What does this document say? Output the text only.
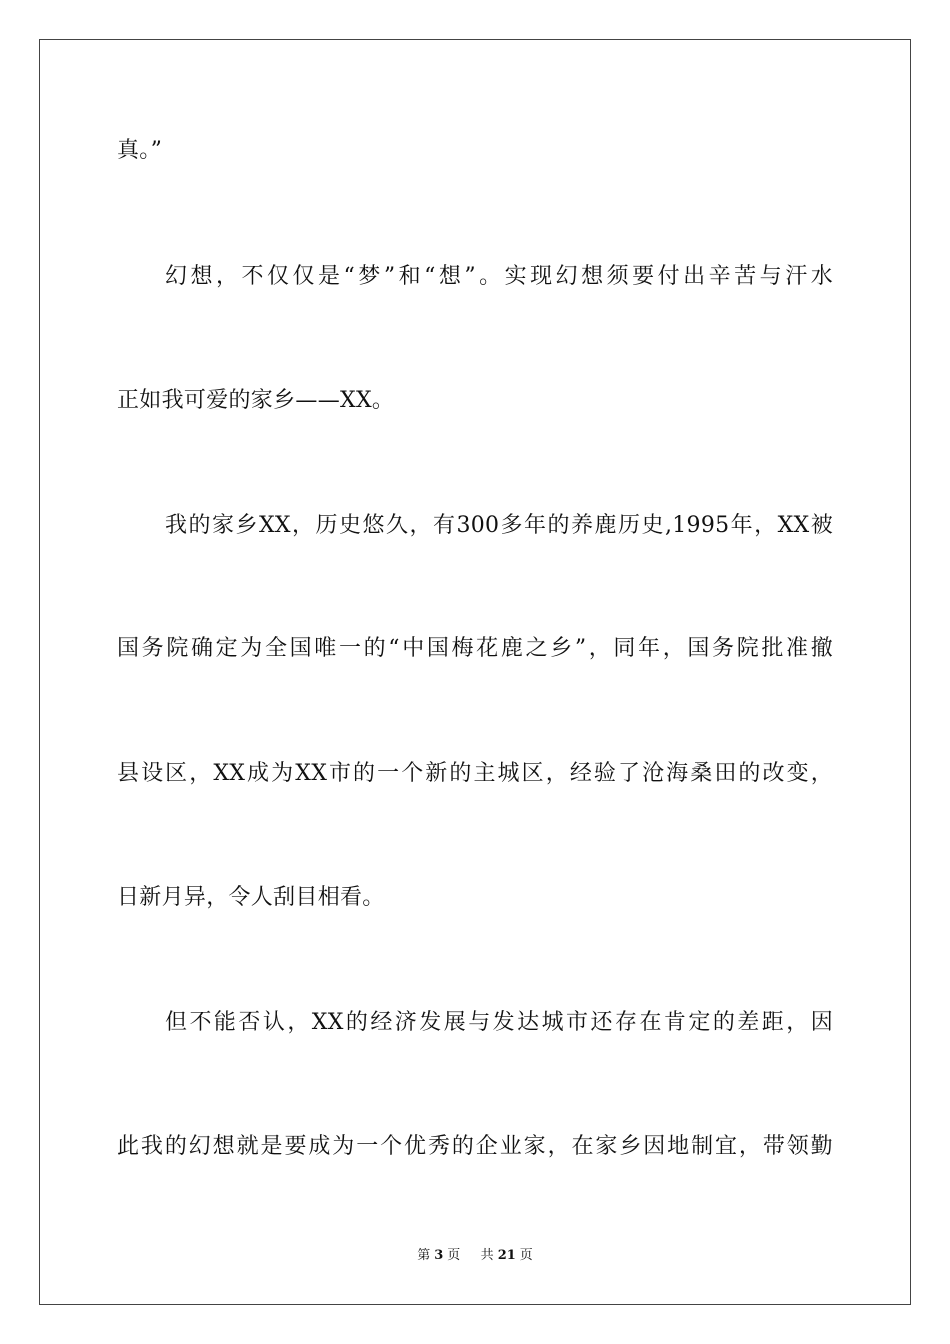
真。”
幻想，不仅仅是“梦”和“想”。实现幻想须要付出辛苦与汗水
正如我可爱的家乡——XX。
我的家乡XX，历史悠久，有300多年的养鹿历史,1995年，XX被
国务院确定为全国唯一的“中国梅花鹿之乡”，同年，国务院批准撤
县设区，XX成为XX市的一个新的主城区，经验了沧海桑田的改变，
日新月异，令人刮目相看。
但不能否认，XX的经济发展与发达城市还存在肯定的差距，因
此我的幻想就是要成为一个优秀的企业家，在家乡因地制宜，带领勤
第 3 页 共 21 页
